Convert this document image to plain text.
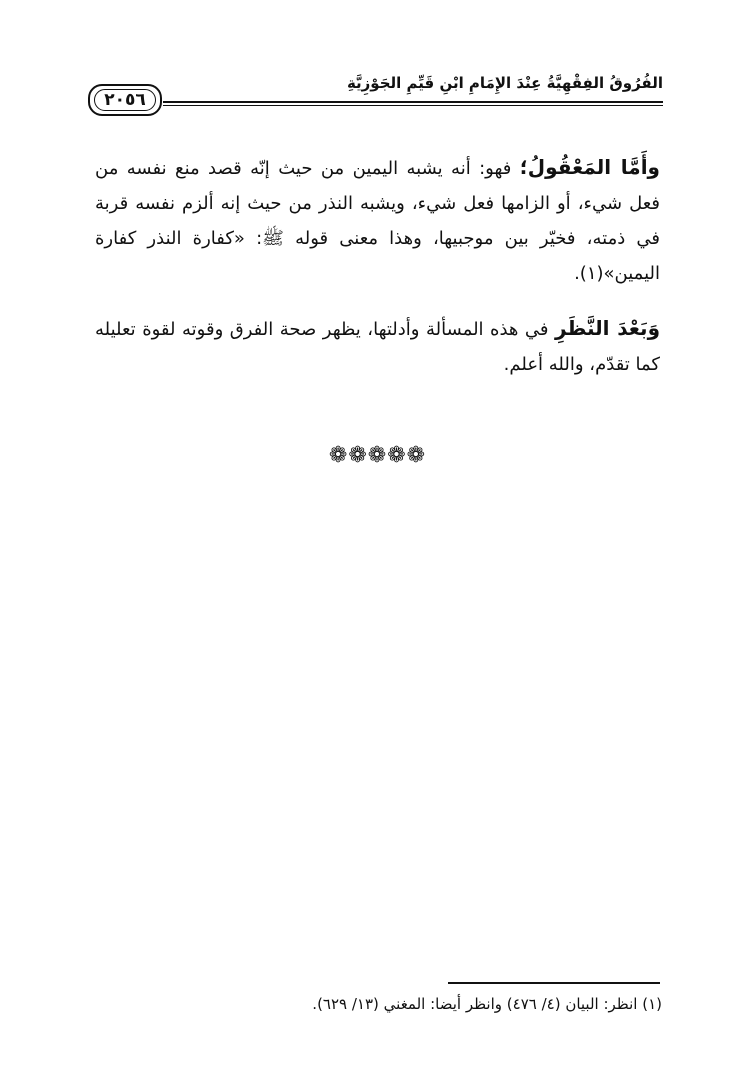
٢٠٥٦
الفُرُوقُ الفِقْهِيَّةُ عِنْدَ الإِمَامِ ابْنِ قَيِّمِ الجَوْزِيَّةِ

وأَمَّا المَعْقُولُ؛ فهو: أنه يشبه اليمين من حيث إنّه قصد منع نفسه من فعل شيء، أو الزامها فعل شيء، ويشبه النذر من حيث إنه ألزم نفسه قربة في ذمته، فخيّر بين موجبيها، وهذا معنى قوله ﷺ: «كفارة النذر كفارة اليمين»(١).

وَبَعْدَ النَّظَرِ في هذه المسألة وأدلتها، يظهر صحة الفرق وقوته لقوة تعليله كما تقدّم، والله أعلم.

❁❁❁❁❁
(١) انظر: البيان (٤/ ٤٧٦) وانظر أيضا: المغني (١٣/ ٦٢٩).
